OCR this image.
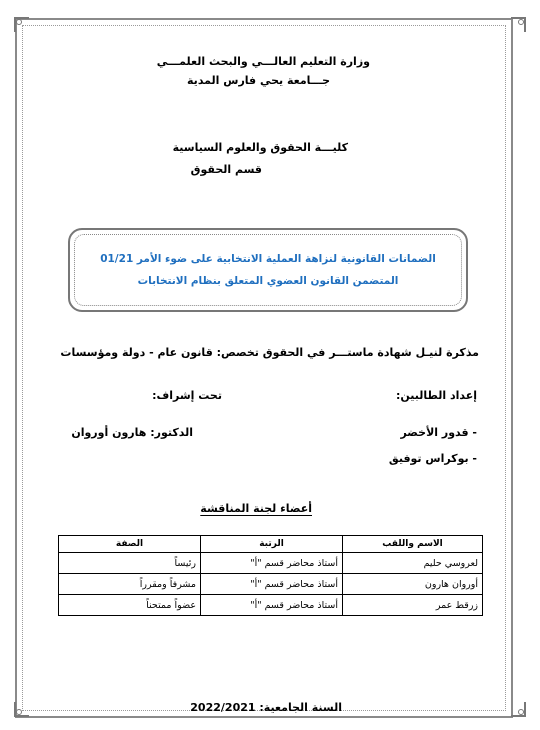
وزارة التعليم العالـــي والبحث العلمـــي
جـــامعة يحي فارس المدية
كليـــة الحقوق والعلوم السياسية
قسم الحقوق
الضمانات القانونية لنزاهة العملية الانتخابية على ضوء الأمر 01/21
المتضمن القانون العضوي المتعلق بنظام الانتخابات
مذكرة لنيـل شهادة ماستـــر في الحقوق تخصص: قانون عام - دولة ومؤسسات
إعداد الطالبين:
تحت إشراف:
- قدور الأخضر
الدكتور: هارون أوروان
- بوكراس توفيق
أعضاء لجنة المناقشة
الاسم واللقب	الرتبة	الصفة
لعروسي حليم	أستاذ محاضر قسم "أ"	رئيساً
أوروان هارون	أستاذ محاضر قسم "أ"	مشرفاً ومقرراً
زرقط عمر	أستاذ محاضر قسم "أ"	عضواً ممتحناً
السنة الجامعية: 2022/2021
